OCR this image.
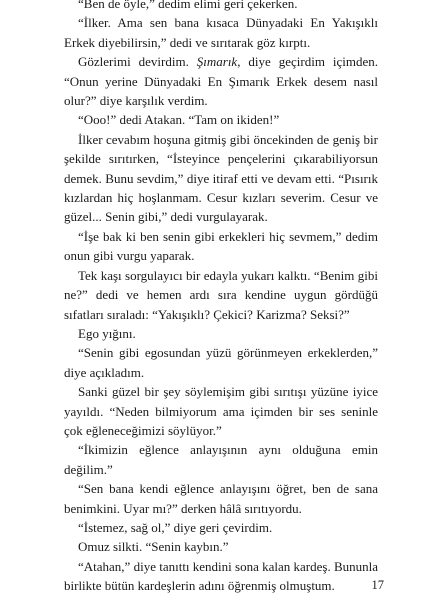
“Ben de öyle,” dedim elimi geri çekerken.

“İlker. Ama sen bana kısaca Dünyadaki En Yakışıklı Erkek diyebilirsin,” dedi ve sırıtarak göz kırptı.

Gözlerimi devirdim. Şımarık, diye geçirdim içimden. “Onun yerine Dünyadaki En Şımarık Erkek desem nasıl olur?” diye karşılık verdim.

“Ooo!” dedi Atakan. “Tam on ikiden!”

İlker cevabım hoşuna gitmiş gibi öncekinden de geniş bir şekilde sırıtırken, “İsteyince pençelerini çıkarabiliyorsun demek. Bunu sevdim,” diye itiraf etti ve devam etti. “Pısırık kızlardan hiç hoşlanmam. Cesur kızları severim. Cesur ve güzel... Senin gibi,” dedi vurgulayarak.

“İşe bak ki ben senin gibi erkekleri hiç sevmem,” dedim onun gibi vurgu yaparak.

Tek kaşı sorgulayıcı bir edayla yukarı kalktı. “Benim gibi ne?” dedi ve hemen ardı sıra kendine uygun gördüğü sıfatları sıraladı: “Yakışıklı? Çekici? Karizma? Seksi?”

Ego yığını.

“Senin gibi egosundan yüzü görünmeyen erkeklerden,” diye açıkladım.

Sanki güzel bir şey söylemişim gibi sırıtışı yüzüne iyice yayıldı. “Neden bilmiyorum ama içimden bir ses seninle çok eğleneceğimizi söylüyor.”

“İkimizin eğlence anlayışının aynı olduğuna emin değilim.”

“Sen bana kendi eğlence anlayışını öğret, ben de sana benimkini. Uyar mı?” derken hâlâ sırıtıyordu.

“İstemez, sağ ol,” diye geri çevirdim.

Omuz silkti. “Senin kaybın.”

“Atahan,” diye tanıttı kendini sona kalan kardeş. Bununla birlikte bütün kardeşlerin adını öğrenmiş olmuştum.	17
